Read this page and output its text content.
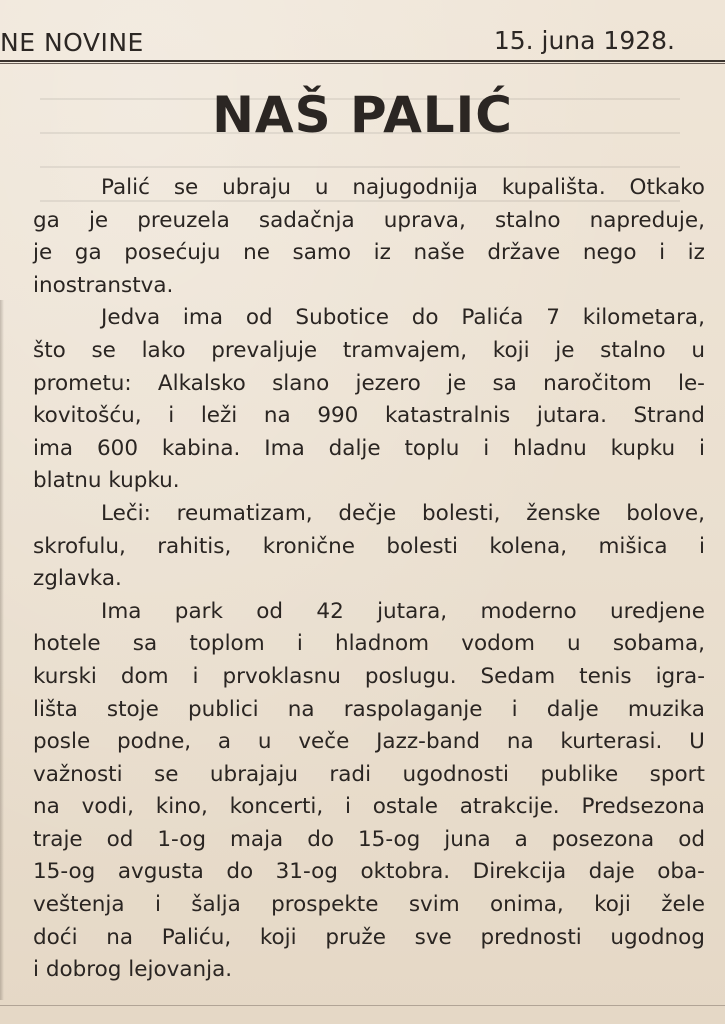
NE NOVINE	15. juna 1928.
NAŠ PALIĆ
Palić se ubraju u najugodnija kupališta. Otkako
ga je preuzela sadačnja uprava, stalno napreduje,
je ga posećuju ne samo iz naše države nego i iz
inostranstva.
Jedva ima od Subotice do Palića 7 kilometara,
što se lako prevaljuje tramvajem, koji je stalno u
prometu: Alkalsko slano jezero je sa naročitom le-
kovitošću, i leži na 990 katastralnis jutara. Strand
ima 600 kabina. Ima dalje toplu i hladnu kupku i
blatnu kupku.
Leči: reumatizam, dečje bolesti, ženske bolove,
skrofulu, rahitis, kronične bolesti kolena, mišica i
zglavka.
Ima park od 42 jutara, moderno uredjene
hotele sa toplom i hladnom vodom u sobama,
kurski dom i prvoklasnu poslugu. Sedam tenis igra-
lišta stoje publici na raspolaganje i dalje muzika
posle podne, a u veče Jazz-band na kurterasi. U
važnosti se ubrajaju radi ugodnosti publike sport
na vodi, kino, koncerti, i ostale atrakcije. Predsezona
traje od 1-og maja do 15-og juna a posezona od
15-og avgusta do 31-og oktobra. Direkcija daje oba-
veštenja i šalja prospekte svim onima, koji žele
doći na Paliću, koji pruže sve prednosti ugodnog
i dobrog lejovanja.
